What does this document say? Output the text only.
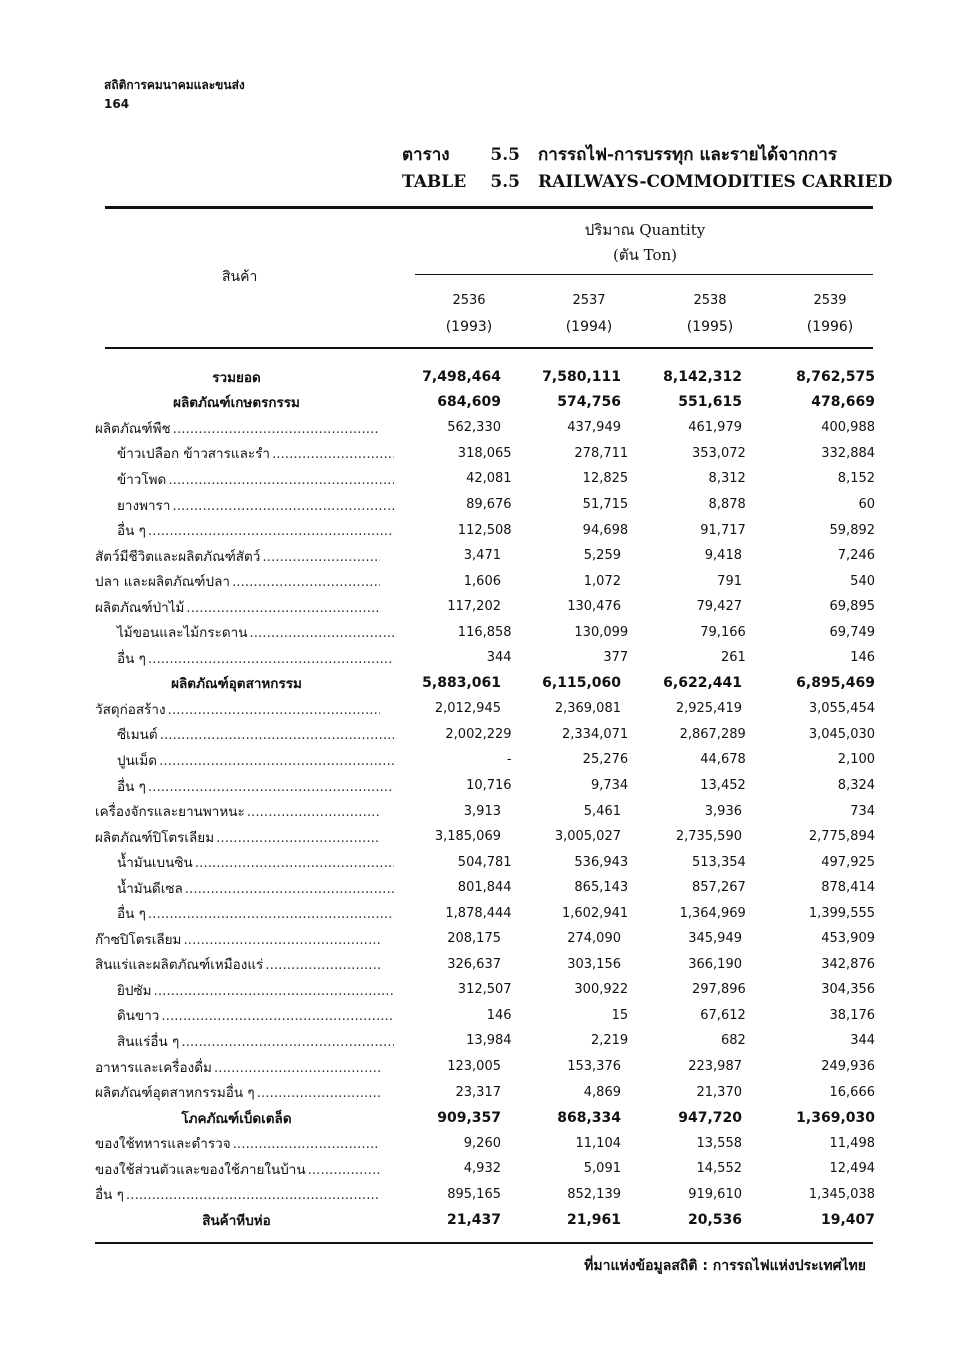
สถิติการคมนาคมและขนส่ง
164
ตาราง	5.5 การรถไฟ-การบรรทุก และรายได้จากการ
TABLE	5.5 RAILWAYS-COMMODITIES CARRIED
สินค้า
ปริมาณ Quantity
(ตัน Ton)
2536
(1993)
2537
(1994)
2538
(1995)
2539
(1996)
รวมยอด	7,498,464	7,580,111	8,142,312	8,762,575
ผลิตภัณฑ์เกษตรกรรม	684,609	574,756	551,615	478,669
ผลิตภัณฑ์พืช .....	562,330	437,949	461,979	400,988
ข้าวเปลือก ข้าวสารและรำ .....	318,065	278,711	353,072	332,884
ข้าวโพด .....	42,081	12,825	8,312	8,152
ยางพารา .....	89,676	51,715	8,878	60
อื่น ๆ .....	112,508	94,698	91,717	59,892
สัตว์มีชีวิตและผลิตภัณฑ์สัตว์ .....	3,471	5,259	9,418	7,246
ปลา และผลิตภัณฑ์ปลา .....	1,606	1,072	791	540
ผลิตภัณฑ์ป่าไม้ .....	117,202	130,476	79,427	69,895
ไม้ขอนและไม้กระดาน .....	116,858	130,099	79,166	69,749
อื่น ๆ .....	344	377	261	146
ผลิตภัณฑ์อุตสาหกรรม	5,883,061	6,115,060	6,622,441	6,895,469
วัสดุก่อสร้าง .....	2,012,945	2,369,081	2,925,419	3,055,454
ซีเมนต์ .....	2,002,229	2,334,071	2,867,289	3,045,030
ปูนเม็ด .....	-	25,276	44,678	2,100
อื่น ๆ .....	10,716	9,734	13,452	8,324
เครื่องจักรและยานพาหนะ .....	3,913	5,461	3,936	734
ผลิตภัณฑ์ปิโตรเลียม .....	3,185,069	3,005,027	2,735,590	2,775,894
น้ำมันเบนซิน .....	504,781	536,943	513,354	497,925
น้ำมันดีเซล .....	801,844	865,143	857,267	878,414
อื่น ๆ .....	1,878,444	1,602,941	1,364,969	1,399,555
ก๊าซปิโตรเลียม .....	208,175	274,090	345,949	453,909
สินแร่และผลิตภัณฑ์เหมืองแร่ .....	326,637	303,156	366,190	342,876
ยิปซัม .....	312,507	300,922	297,896	304,356
ดินขาว .....	146	15	67,612	38,176
สินแร่อื่น ๆ .....	13,984	2,219	682	344
อาหารและเครื่องดื่ม .....	123,005	153,376	223,987	249,936
ผลิตภัณฑ์อุตสาหกรรมอื่น ๆ .....	23,317	4,869	21,370	16,666
โภคภัณฑ์เบ็ดเตล็ด	909,357	868,334	947,720	1,369,030
ของใช้ทหารและตำรวจ .....	9,260	11,104	13,558	11,498
ของใช้ส่วนตัวและของใช้ภายในบ้าน .....	4,932	5,091	14,552	12,494
อื่น ๆ .....	895,165	852,139	919,610	1,345,038
สินค้าหีบห่อ	21,437	21,961	20,536	19,407
ที่มาแห่งข้อมูลสถิติ : การรถไฟแห่งประเทศไทย
